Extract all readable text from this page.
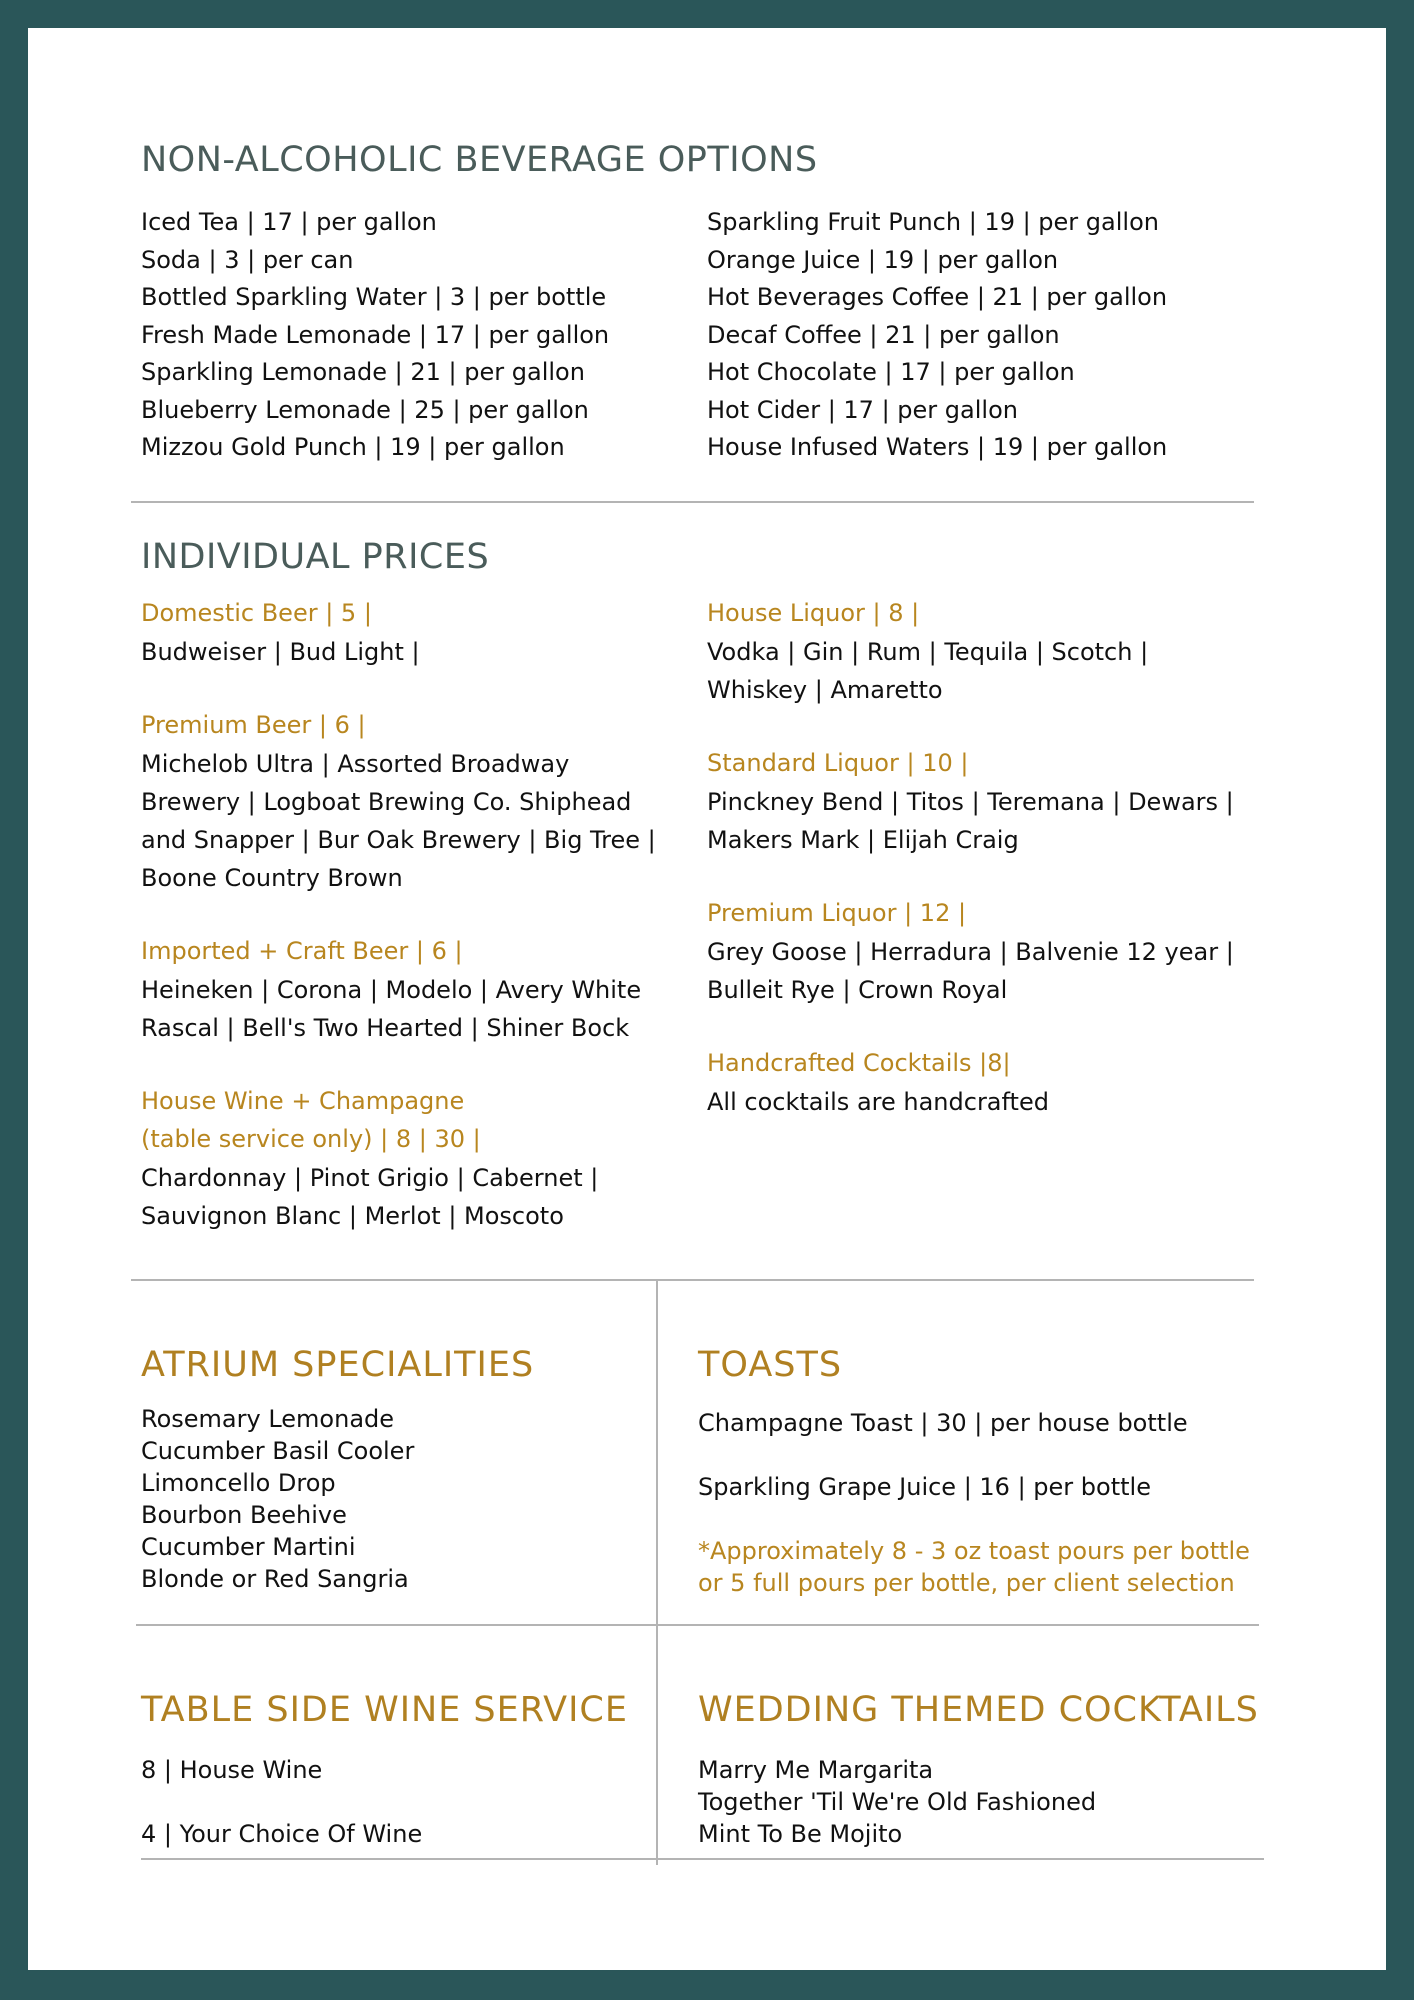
NON-ALCOHOLIC BEVERAGE OPTIONS
Iced Tea | 17 | per gallon
Soda | 3 | per can
Bottled Sparkling Water | 3 | per bottle
Fresh Made Lemonade | 17 | per gallon
Sparkling Lemonade | 21 | per gallon
Blueberry Lemonade | 25 | per gallon
Mizzou Gold Punch | 19 | per gallon
Sparkling Fruit Punch | 19 | per gallon
Orange Juice | 19 | per gallon
Hot Beverages Coffee | 21 | per gallon
Decaf Coffee | 21 | per gallon
Hot Chocolate | 17 | per gallon
Hot Cider | 17 | per gallon
House Infused Waters | 19 | per gallon
INDIVIDUAL PRICES
Domestic Beer | 5 |
Budweiser | Bud Light |
Premium Beer | 6 |
Michelob Ultra | Assorted Broadway Brewery | Logboat Brewing Co. Shiphead and Snapper | Bur Oak Brewery | Big Tree | Boone Country Brown
Imported + Craft Beer | 6 |
Heineken | Corona | Modelo | Avery White Rascal | Bell's Two Hearted | Shiner Bock
House Wine + Champagne
(table service only) | 8 | 30 |
Chardonnay | Pinot Grigio | Cabernet | Sauvignon Blanc | Merlot | Moscoto
House Liquor | 8 |
Vodka | Gin | Rum | Tequila | Scotch | Whiskey | Amaretto
Standard Liquor | 10 |
Pinckney Bend | Titos | Teremana | Dewars | Makers Mark | Elijah Craig
Premium Liquor | 12 |
Grey Goose | Herradura | Balvenie 12 year | Bulleit Rye | Crown Royal
Handcrafted Cocktails |8|
All cocktails are handcrafted
ATRIUM SPECIALITIES
Rosemary Lemonade
Cucumber Basil Cooler
Limoncello Drop
Bourbon Beehive
Cucumber Martini
Blonde or Red Sangria
TOASTS
Champagne Toast | 30 | per house bottle
Sparkling Grape Juice | 16 | per bottle
*Approximately 8 - 3 oz toast pours per bottle or 5 full pours per bottle, per client selection
TABLE SIDE WINE SERVICE
8 | House Wine
4 | Your Choice Of Wine
WEDDING THEMED COCKTAILS
Marry Me Margarita
Together 'Til We're Old Fashioned
Mint To Be Mojito
